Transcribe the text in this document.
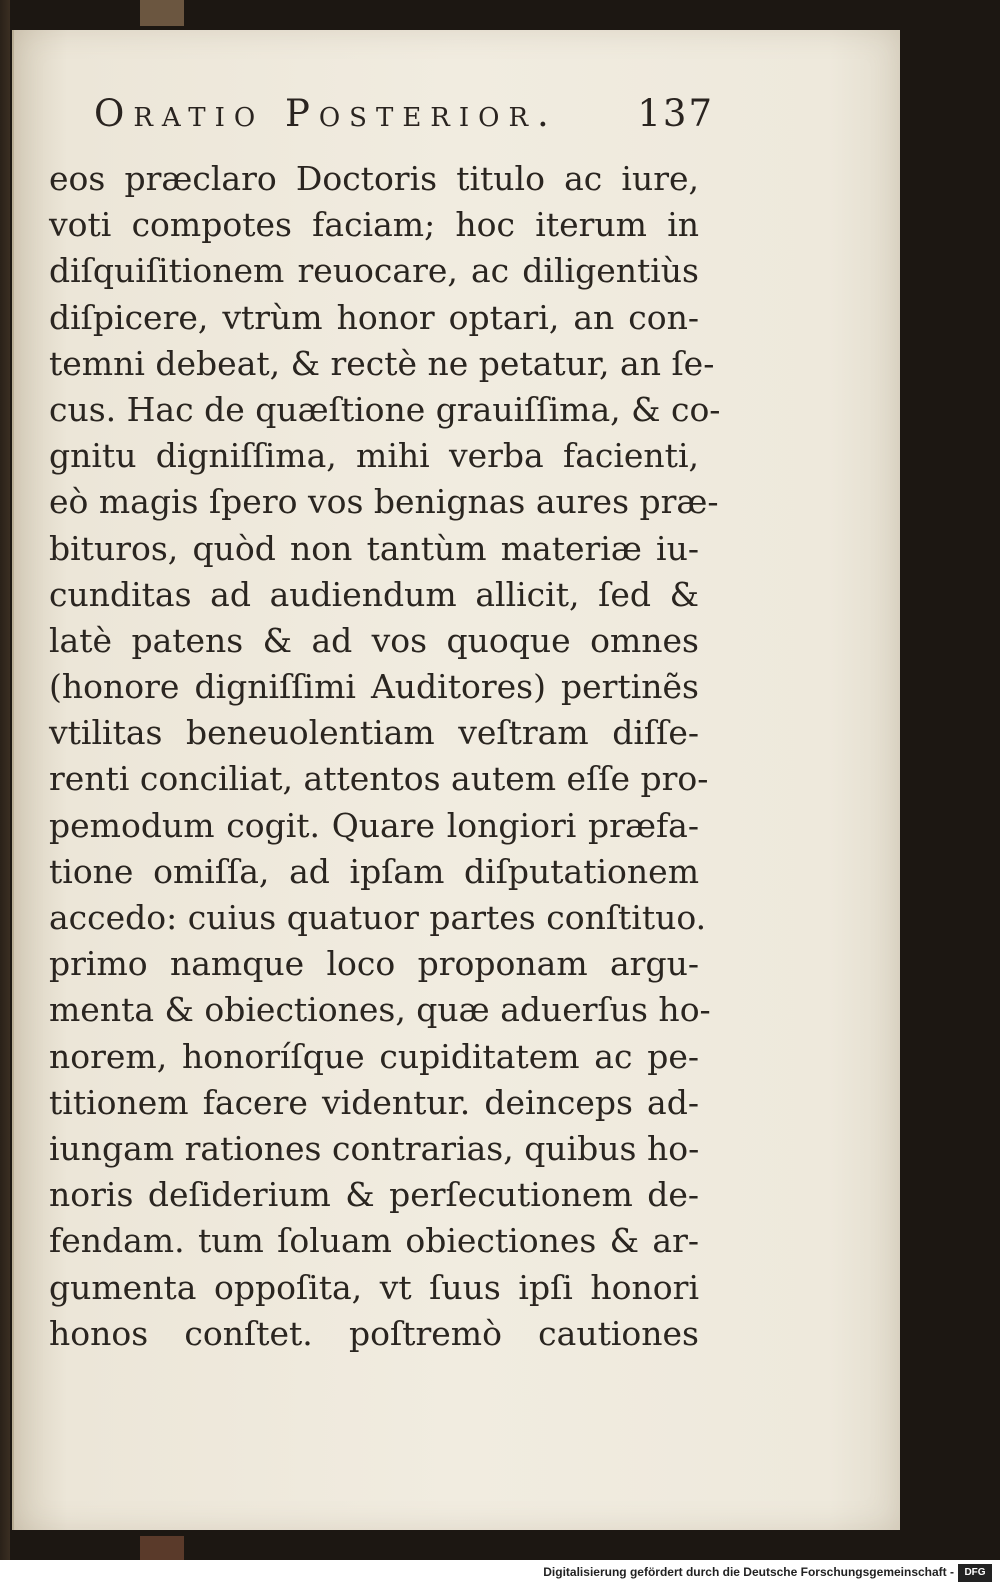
Oratio Posterior. 137
eos præclaro Doctoris titulo ac iure,
voti compotes faciam; hoc iterum in
diſquiſitionem reuocare, ac diligentiùs
diſpicere, vtrùm honor optari, an con-
temni debeat, & rectè ne petatur, an ſe-
cus. Hac de quæſtione grauiſſima, & co-
gnitu digniſſima, mihi verba facienti,
eò magis ſpero vos benignas aures præ-
bituros, quòd non tantùm materiæ iu-
cunditas ad audiendum allicit, ſed &
latè patens & ad vos quoque omnes
(honore digniſſimi Auditores) pertinẽs
vtilitas beneuolentiam veſtram diſſe-
renti conciliat, attentos autem eſſe pro-
pemodum cogit. Quare longiori præfa-
tione omiſſa, ad ipſam diſputationem
accedo: cuius quatuor partes conſtituo.
primo namque loco proponam argu-
menta & obiectiones, quæ aduerſus ho-
norem, honoríſque cupiditatem ac pe-
titionem facere videntur. deinceps ad-
iungam rationes contrarias, quibus ho-
noris deſiderium & perſecutionem de-
fendam. tum ſoluam obiectiones & ar-
gumenta oppoſita, vt ſuus ipſi honori
honos conſtet. poſtremò cautiones
Digitalisierung gefördert durch die Deutsche Forschungsgemeinschaft -	DFG
